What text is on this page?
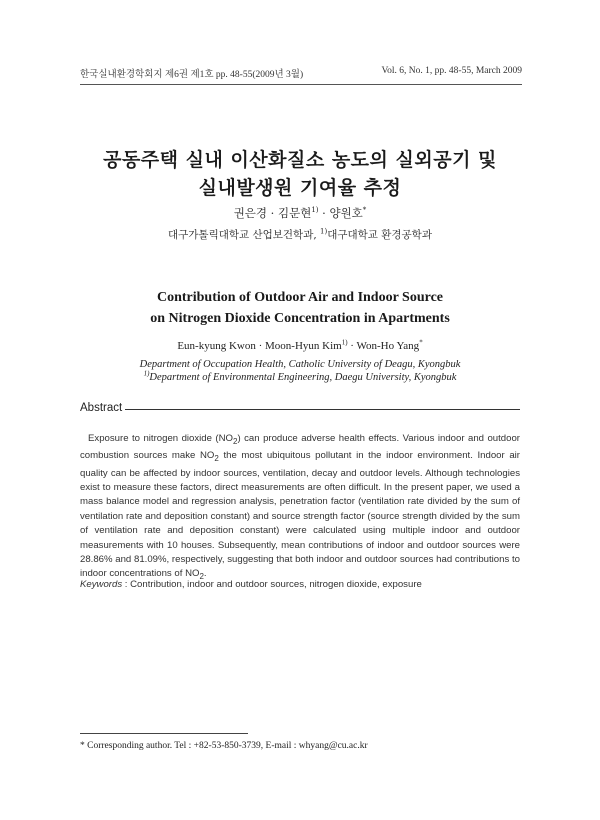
한국실내환경학회지 제6권 제1호 pp. 48-55(2009년 3월)	Vol. 6, No. 1, pp. 48-55, March 2009
공동주택 실내 이산화질소 농도의 실외공기 및
실내발생원 기여율 추정
권은경 · 김문현$^{1)}$ · 양원호*
대구가톨릭대학교 산업보건학과, $^{1)}$대구대학교 환경공학과
Contribution of Outdoor Air and Indoor Source
on Nitrogen Dioxide Concentration in Apartments
Eun-kyung Kwon · Moon-Hyun Kim$^{1)}$ · Won-Ho Yang*
Department of Occupation Health, Catholic University of Deagu, Kyongbuk
$^{1)}$Department of Environmental Engineering, Daegu University, Kyongbuk
Abstract
Exposure to nitrogen dioxide $(NO_2)$ can produce adverse health effects. Various indoor and outdoor combustion sources make $NO_2$ the most ubiquitous pollutant in the indoor environment. Indoor air quality can be affected by indoor sources, ventilation, decay and outdoor levels. Although technologies exist to measure these factors, direct measurements are often difficult. In the present paper, we used a mass balance model and regression analysis, penetration factor (ventilation rate divided by the sum of ventilation rate and deposition constant) and source strength factor (source strength divided by the sum of ventilation rate and deposition constant) were calculated using multiple indoor and outdoor measurements with 10 houses. Subsequently, mean contributions of indoor and outdoor sources were 28.86% and 81.09%, respectively, suggesting that both indoor and outdoor sources had contributions to indoor concentrations of $NO_2$.
Keywords : Contribution, indoor and outdoor sources, nitrogen dioxide, exposure
* Corresponding author. Tel : +82-53-850-3739, E-mail : whyang@cu.ac.kr
